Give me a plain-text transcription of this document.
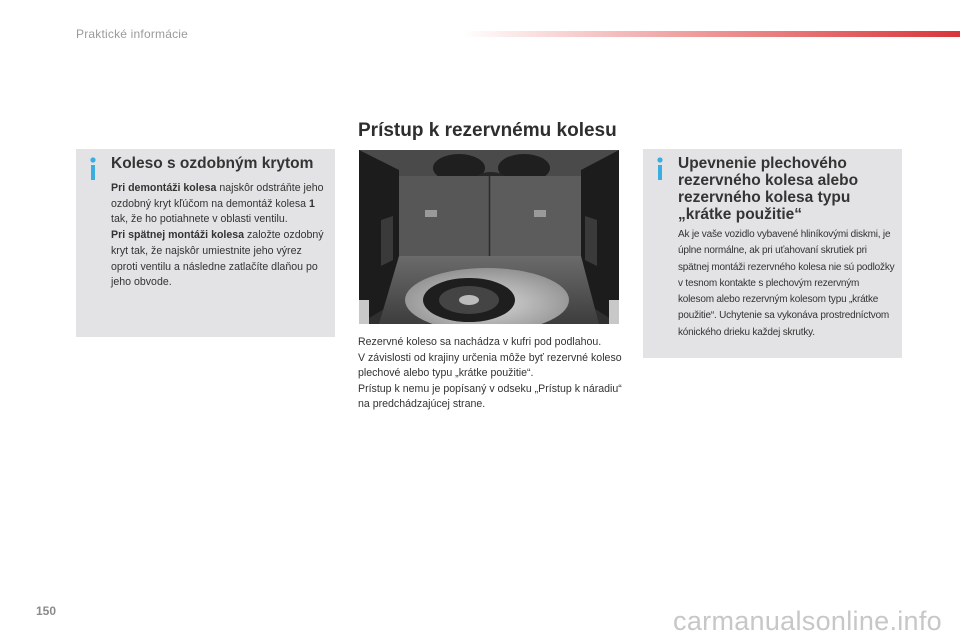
Praktické informácie
Prístup k rezervnému kolesu
Koleso s ozdobným krytom
Pri demontáži kolesa najskôr odstráňte jeho ozdobný kryt kľúčom na demontáž kolesa 1 tak, že ho potiahnete v oblasti ventilu.
Pri spätnej montáži kolesa založte ozdobný kryt tak, že najskôr umiestnite jeho výrez oproti ventilu a následne zatlačíte dlaňou po jeho obvode.
Rezervné koleso sa nachádza v kufri pod podlahou.
V závislosti od krajiny určenia môže byť rezervné koleso plechové alebo typu „krátke použitie“.
Prístup k nemu je popísaný v odseku „Prístup k náradiu“ na predchádzajúcej strane.
Upevnenie plechového rezervného kolesa alebo rezervného kolesa typu „krátke použitie“
Ak je vaše vozidlo vybavené hliníkovými diskmi, je úplne normálne, ak pri uťahovaní skrutiek pri spätnej montáži rezervného kolesa nie sú podložky v tesnom kontakte s plechovým rezervným kolesom alebo rezervným kolesom typu „krátke použitie“. Uchytenie sa vykonáva prostredníctvom kónického drieku každej skrutky.
150	carmanualsonline.info
